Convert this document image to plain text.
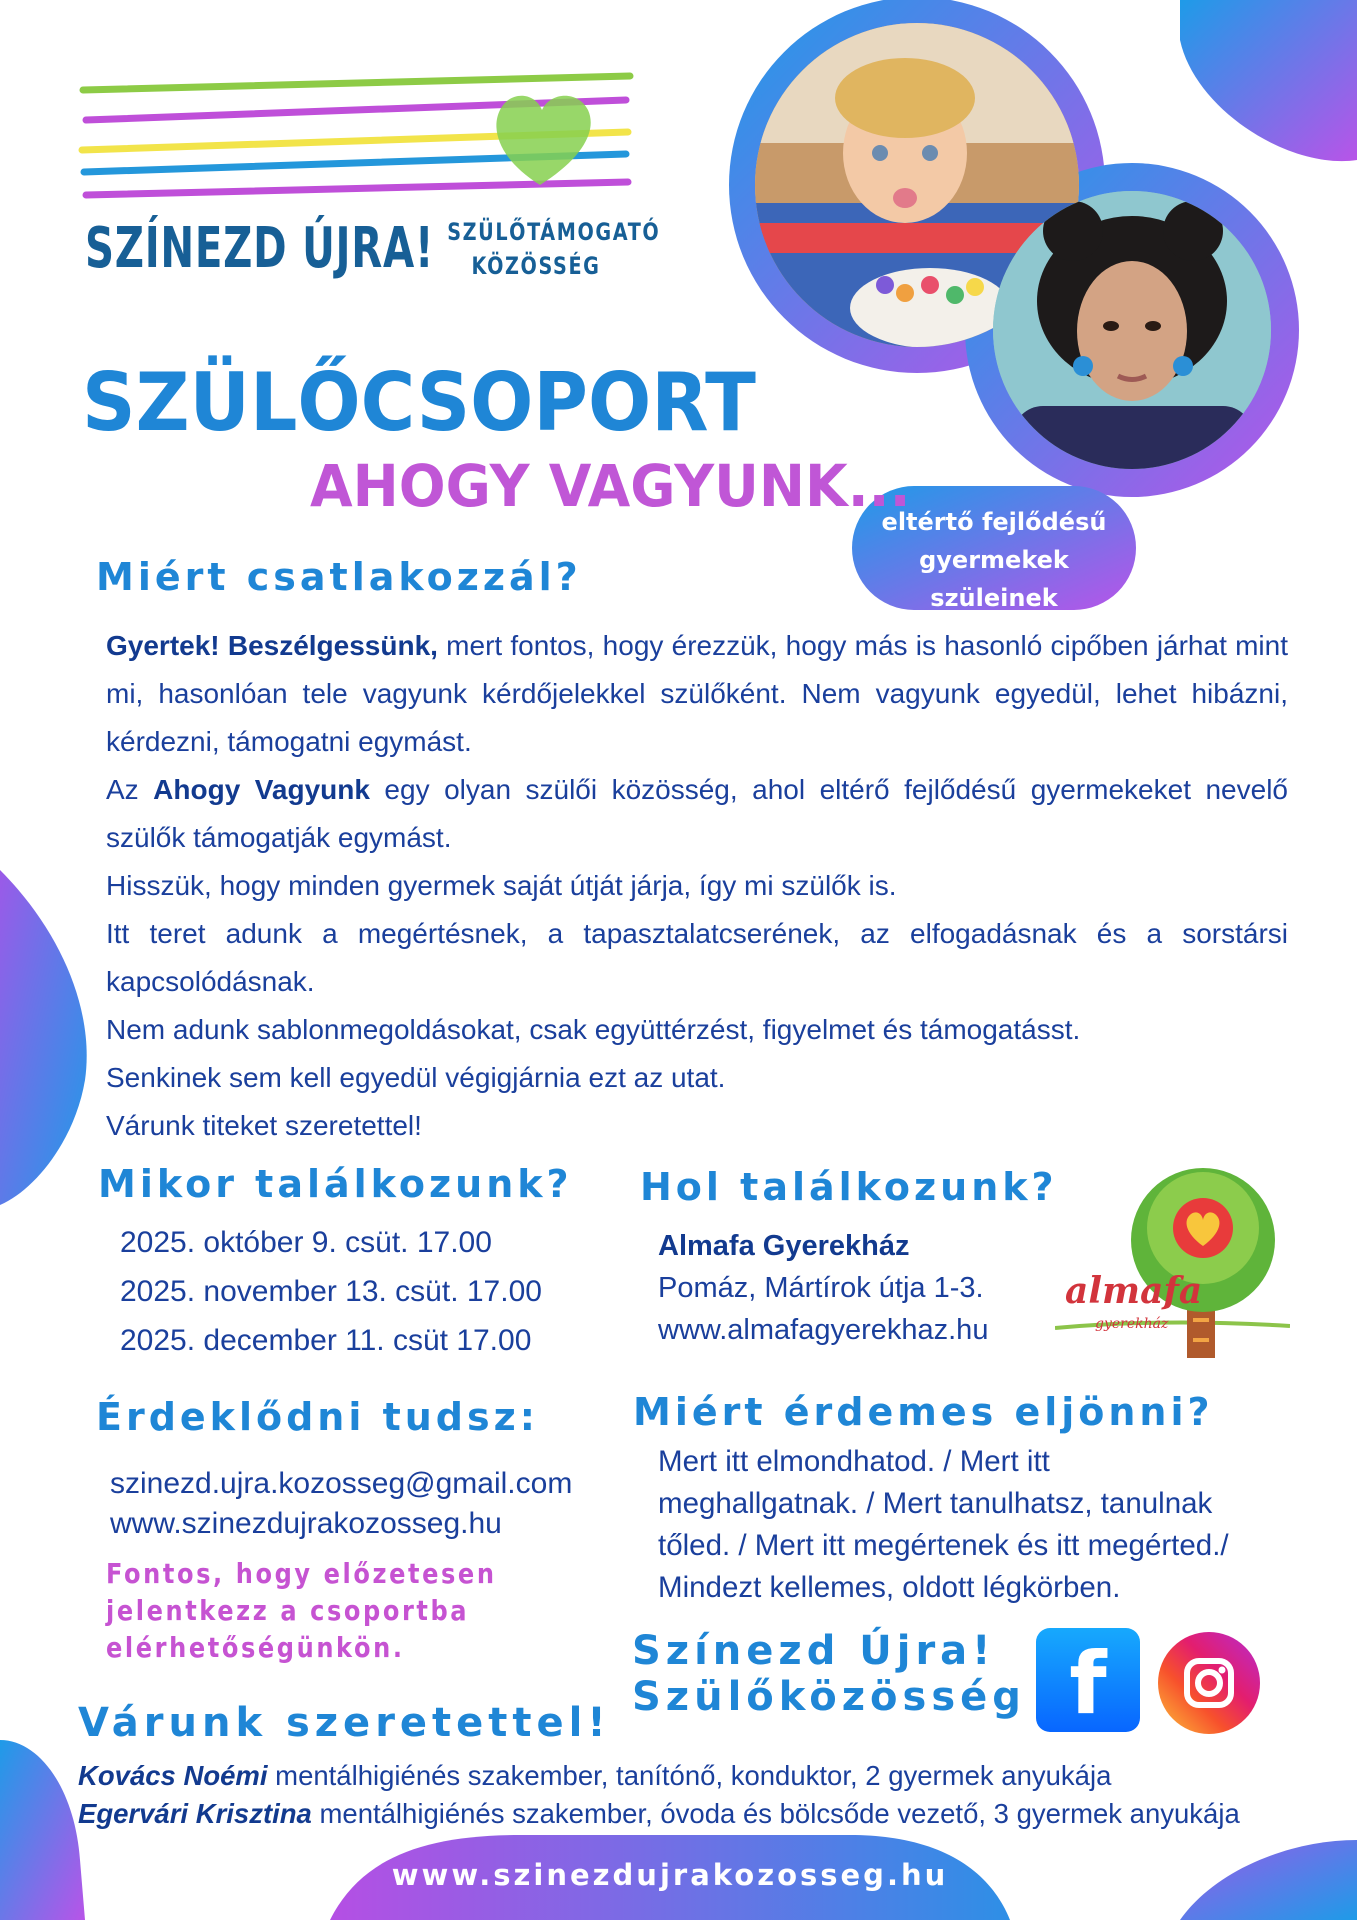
SZÍNEZD ÚJRA! SZÜLŐTÁMOGATÓ
KÖZÖSSÉG
SZÜLŐCSOPORT
AHOGY VAGYUNK...
eltértő fejlődésű
gyermekek szüleinek
Miért csatlakozzál?

Gyertek! Beszélgessünk, mert fontos, hogy érezzük, hogy más is hasonló cipőben járhat mint mi, hasonlóan tele vagyunk kérdőjelekkel szülőként. Nem vagyunk egyedül, lehet hibázni, kérdezni, támogatni egymást.

Az Ahogy Vagyunk egy olyan szülői közösség, ahol eltérő fejlődésű gyermekeket nevelő szülők támogatják egymást.

Hisszük, hogy minden gyermek saját útját járja, így mi szülők is.

Itt teret adunk a megértésnek, a tapasztalatcserének, az elfogadásnak és a sorstársi kapcsolódásnak.

Nem adunk sablonmegoldásokat, csak együttérzést, figyelmet és támogatásst.

Senkinek sem kell egyedül végigjárnia ezt az utat.

Várunk titeket szeretettel!

Mikor találkozunk?
2025. október 9. csüt. 17.00
2025. november 13. csüt. 17.00
2025. december 11. csüt 17.00
Hol találkozunk?
Almafa Gyerekház
Pomáz, Mártírok útja 1-3.
www.almafagyerekhaz.hu
almafa
gyerekház
Érdeklődni tudsz:
szinezd.ujra.kozosseg@gmail.com
www.szinezdujrakozosseg.hu
Fontos, hogy előzetesen
jelentkezz a csoportba
elérhetőségünkön.
Miért érdemes eljönni?
Mert itt elmondhatod. / Mert itt
meghallgatnak. / Mert tanulhatsz, tanulnak
tőled. / Mert itt megértenek és itt megérted./
Mindezt kellemes, oldott légkörben.
Színezd Újra!
Szülőközösség f
Várunk szeretettel!
Kovács Noémi mentálhigiénés szakember, tanítónő, konduktor, 2 gyermek anyukája
Egervári Krisztina mentálhigiénés szakember, óvoda és bölcsőde vezető, 3 gyermek anyukája
www.szinezdujrakozosseg.hu
